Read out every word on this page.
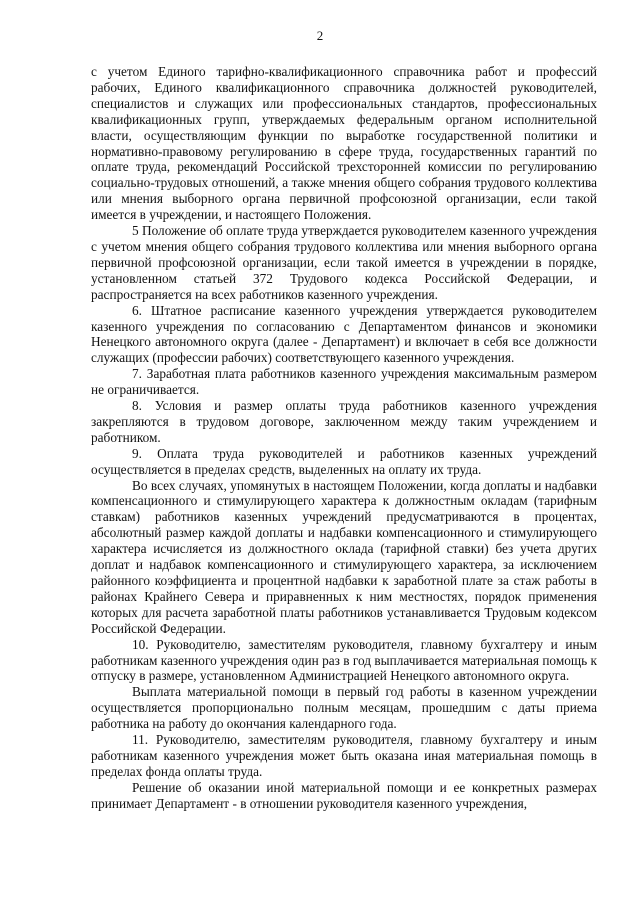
2

с учетом Единого тарифно-квалификационного справочника работ и профессий рабочих, Единого квалификационного справочника должностей руководителей, специалистов и служащих или профессиональных стандартов, профессиональных квалификационных групп, утверждаемых федеральным органом исполнительной власти, осуществляющим функции по выработке государственной политики и нормативно-правовому регулированию в сфере труда, государственных гарантий по оплате труда, рекомендаций Российской трехсторонней комиссии по регулированию социально-трудовых отношений, а также мнения общего собрания трудового коллектива или мнения выборного органа первичной профсоюзной организации, если такой имеется в учреждении, и настоящего Положения.

5 Положение об оплате труда утверждается руководителем казенного учреждения с учетом мнения общего собрания трудового коллектива или мнения выборного органа первичной профсоюзной организации, если такой имеется в учреждении в порядке, установленном статьей 372 Трудового кодекса Российской Федерации, и распространяется на всех работников казенного учреждения.

6. Штатное расписание казенного учреждения утверждается руководителем казенного учреждения по согласованию с Департаментом финансов и экономики Ненецкого автономного округа (далее - Департамент) и включает в себя все должности служащих (профессии рабочих) соответствующего казенного учреждения.

7. Заработная плата работников казенного учреждения максимальным размером не ограничивается.

8. Условия и размер оплаты труда работников казенного учреждения закрепляются в трудовом договоре, заключенном между таким учреждением и работником.

9. Оплата труда руководителей и работников казенных учреждений осуществляется в пределах средств, выделенных на оплату их труда.

Во всех случаях, упомянутых в настоящем Положении, когда доплаты и надбавки компенсационного и стимулирующего характера к должностным окладам (тарифным ставкам) работников казенных учреждений предусматриваются в процентах, абсолютный размер каждой доплаты и надбавки компенсационного и стимулирующего характера исчисляется из должностного оклада (тарифной ставки) без учета других доплат и надбавок компенсационного и стимулирующего характера, за исключением районного коэффициента и процентной надбавки к заработной плате за стаж работы в районах Крайнего Севера и приравненных к ним местностях, порядок применения которых для расчета заработной платы работников устанавливается Трудовым кодексом Российской Федерации.

10. Руководителю, заместителям руководителя, главному бухгалтеру и иным работникам казенного учреждения один раз в год выплачивается материальная помощь к отпуску в размере, установленном Администрацией Ненецкого автономного округа.

Выплата материальной помощи в первый год работы в казенном учреждении осуществляется пропорционально полным месяцам, прошедшим с даты приема работника на работу до окончания календарного года.

11. Руководителю, заместителям руководителя, главному бухгалтеру и иным работникам казенного учреждения может быть оказана иная материальная помощь в пределах фонда оплаты труда.

Решение об оказании иной материальной помощи и ее конкретных размерах принимает Департамент - в отношении руководителя казенного учреждения,
